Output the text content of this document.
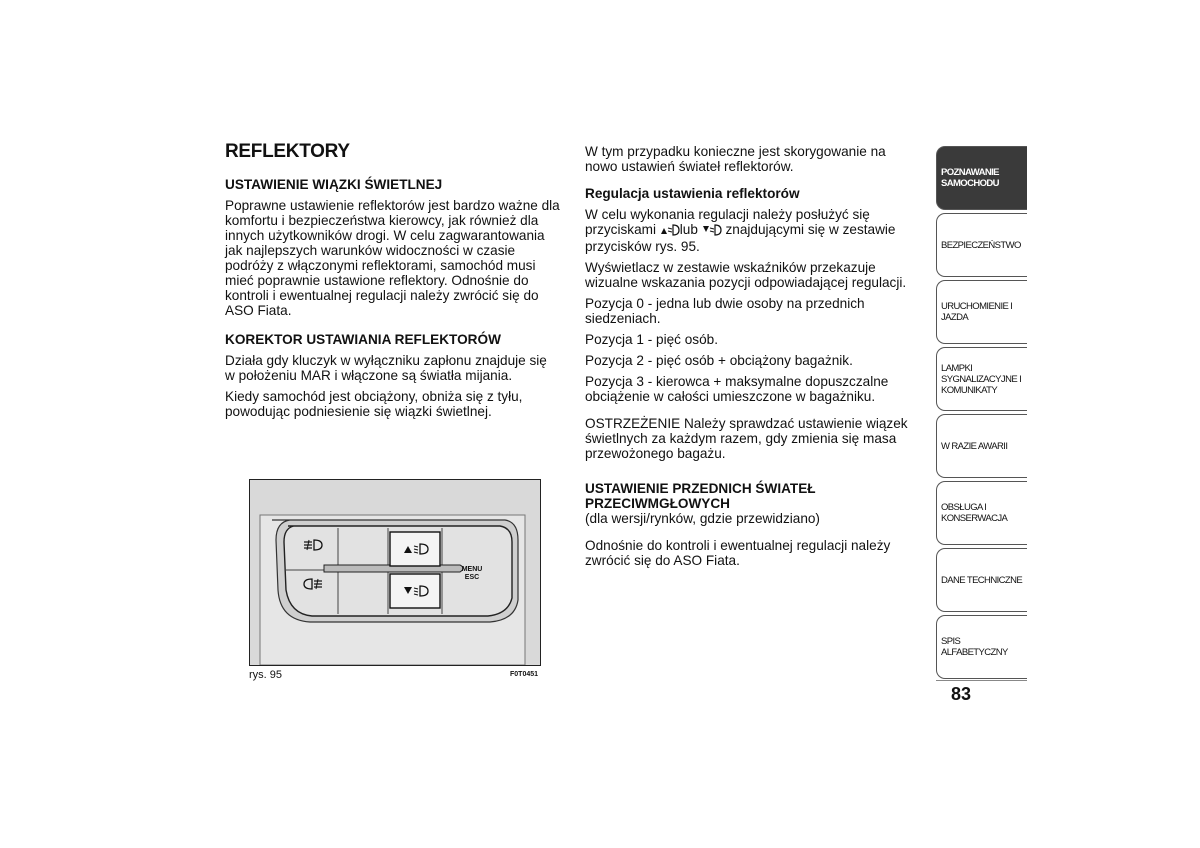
REFLEKTORY
USTAWIENIE WIĄZKI ŚWIETLNEJ

Poprawne ustawienie reflektorów jest bardzo ważne dla komfortu i bezpieczeństwa kierowcy, jak również dla innych użytkowników drogi. W celu zagwarantowania jak najlepszych warunków widoczności w czasie podróży z włączonymi reflektorami, samochód musi mieć poprawnie ustawione reflektory. Odnośnie do kontroli i ewentualnej regulacji należy zwrócić się do ASO Fiata.

KOREKTOR USTAWIANIA REFLEKTORÓW

Działa gdy kluczyk w wyłączniku zapłonu znajduje się w położeniu MAR i włączone są światła mijania.

Kiedy samochód jest obciążony, obniża się z tyłu, powodując podniesienie się wiązki świetlnej.

MENU
ESC
rys. 95	F0T0451

W tym przypadku konieczne jest skorygowanie na nowo ustawień świateł reflektorów.

Regulacja ustawienia reflektorów

W celu wykonania regulacji należy posłużyć się przyciskami lub znajdującymi się w zestawie przycisków rys. 95.

Wyświetlacz w zestawie wskaźników przekazuje wizualne wskazania pozycji odpowiadającej regulacji.

Pozycja 0 - jedna lub dwie osoby na przednich siedzeniach.

Pozycja 1 - pięć osób.

Pozycja 2 - pięć osób + obciążony bagażnik.

Pozycja 3 - kierowca + maksymalne dopuszczalne obciążenie w całości umieszczone w bagażniku.

OSTRZEŻENIE Należy sprawdzać ustawienie wiązek świetlnych za każdym razem, gdy zmienia się masa przewożonego bagażu.

USTAWIENIE PRZEDNICH ŚWIATEŁ PRZECIWMGŁOWYCH

(dla wersji/rynków, gdzie przewidziano)

Odnośnie do kontroli i ewentualnej regulacji należy zwrócić się do ASO Fiata.

POZNAWANIE SAMOCHODU
BEZPIECZEŃSTWO
URUCHOMIENIE I JAZDA
LAMPKI SYGNALIZACYJNE I KOMUNIKATY
W RAZIE AWARII
OBSŁUGA I KONSERWACJA
DANE TECHNICZNE
SPIS ALFABETYCZNY
83
